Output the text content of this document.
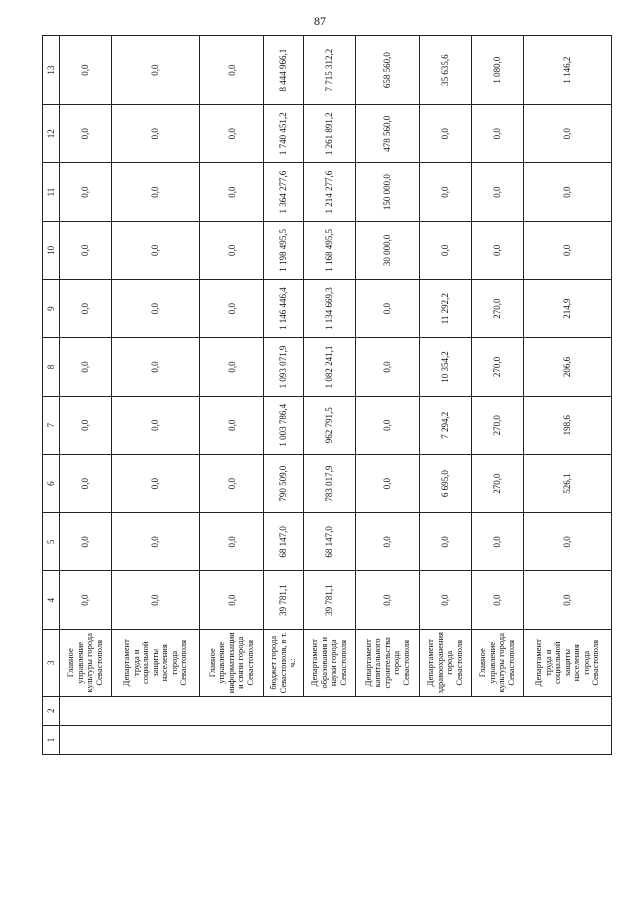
87
1	2	3	4	5	6	7	8	9	10	11	12	13
		Главное управление культуры города Севастополя	0,0	0,0	0,0	0,0	0,0	0,0	0,0	0,0	0,0	0,0
		Департамент труда и социальной защиты населения города Севастополя	0,0	0,0	0,0	0,0	0,0	0,0	0,0	0,0	0,0	0,0
		Главное управление информатизации и связи города Севастополя	0,0	0,0	0,0	0,0	0,0	0,0	0,0	0,0	0,0	0,0
		бюджет города Севастополя, в т. ч.:	39 781,1	68 147,0	790 509,0	1 003 786,4	1 093 071,9	1 146 446,4	1 198 495,5	1 364 277,6	1 740 451,2	8 444 966,1
		Департамент образования и науки города Севастополя	39 781,1	68 147,0	783 017,9	962 791,5	1 082 241,1	1 134 669,3	1 168 495,5	1 214 277,6	1 261 891,2	7 715 312,2
		Департамент капитального строительства города Севастополя	0,0	0,0	0,0	0,0	0,0	0,0	30 000,0	150 000,0	478 560,0	658 560,0
		Департамент здравоохранения города Севастополя	0,0	0,0	6 695,0	7 294,2	10 354,2	11 292,2	0,0	0,0	0,0	35 635,6
		Главное управление культуры города Севастополя	0,0	0,0	270,0	270,0	270,0	270,0	0,0	0,0	0,0	1 080,0
		Департамент труда и социальной защиты населения города Севастополя	0,0	0,0	526,1	198,6	206,6	214,9	0,0	0,0	0,0	1 146,2
